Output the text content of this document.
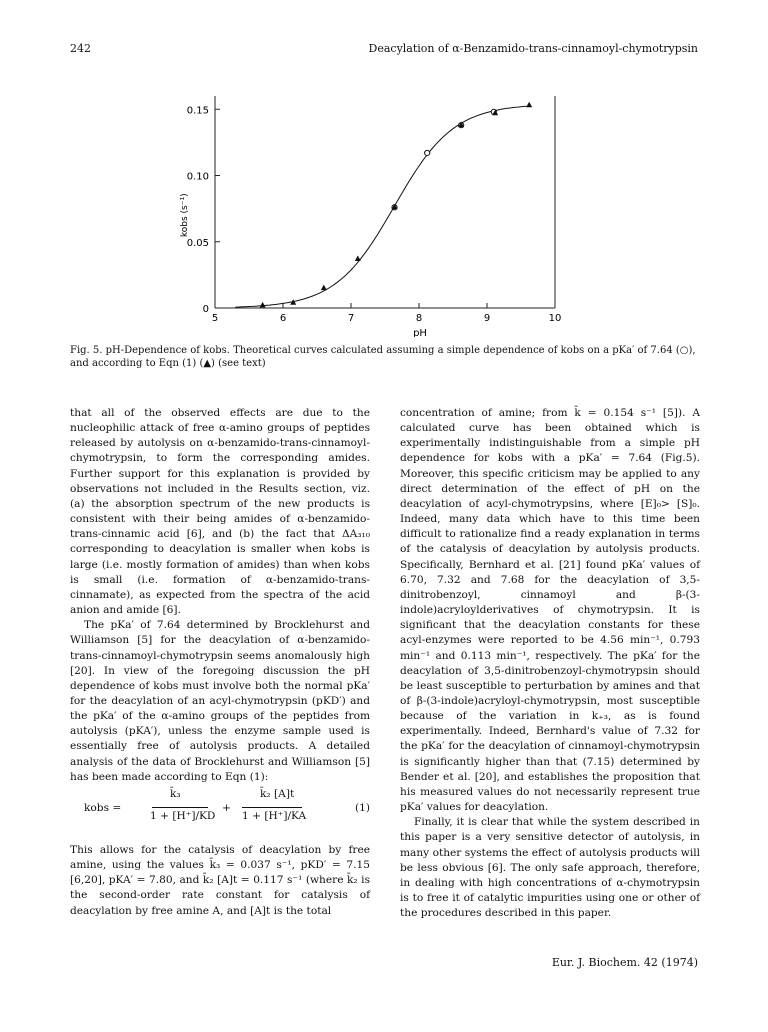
242	Deacylation of α-Benzamido-trans-cinnamoyl-chymotrypsin
0
0.05
0.10
0.15
5	6	7	8	9	10
pH
kobs (s⁻¹)
Fig. 5. pH-Dependence of kobs. Theoretical curves calculated assuming a simple dependence of kobs on a pKa′ of 7.64 (○), and according to Eqn (1) (▲) (see text)

that all of the observed effects are due to the nucleophilic attack of free α-amino groups of peptides released by autolysis on α-benzamido-trans-cinnamoyl-chymotrypsin, to form the corresponding amides. Further support for this explanation is provided by observations not included in the Results section, viz. (a) the absorption spectrum of the new products is consistent with their being amides of α-benzamido-trans-cinnamic acid [6], and (b) the fact that ΔA₃₁₀ corresponding to deacylation is smaller when kobs is large (i.e. mostly formation of amides) than when kobs is small (i.e. formation of α-benzamido-trans-cinnamate), as expected from the spectra of the acid anion and amide [6].

The pKa′ of 7.64 determined by Brocklehurst and Williamson [5] for the deacylation of α-benzamido-trans-cinnamoyl-chymotrypsin seems anomalously high [20]. In view of the foregoing discussion the pH dependence of kobs must involve both the normal pKa′ for the deacylation of an acyl-chymotrypsin (pKD′) and the pKa′ of the α-amino groups of the peptides from autolysis (pKA′), unless the enzyme sample used is essentially free of autolysis products. A detailed analysis of the data of Brocklehurst and Williamson [5] has been made according to Eqn (1):

kobs =
k̄₃
1 + [H⁺]/KD
+
k̄₂ [A]t
1 + [H⁺]/KA
(1)

This allows for the catalysis of deacylation by free amine, using the values k̄₃ = 0.037 s⁻¹, pKD′ = 7.15 [6,20], pKA′ = 7.80, and k̄₂ [A]t = 0.117 s⁻¹ (where k̄₂ is the second-order rate constant for catalysis of deacylation by free amine A, and [A]t is the total

concentration of amine; from k̄ = 0.154 s⁻¹ [5]). A calculated curve has been obtained which is experimentally indistinguishable from a simple pH dependence for kobs with a pKa′ = 7.64 (Fig.5). Moreover, this specific criticism may be applied to any direct determination of the effect of pH on the deacylation of acyl-chymotrypsins, where [E]₀> [S]₀. Indeed, many data which have to this time been difficult to rationalize find a ready explanation in terms of the catalysis of deacylation by autolysis products. Specifically, Bernhard et al. [21] found pKa′ values of 6.70, 7.32 and 7.68 for the deacylation of 3,5-dinitrobenzoyl, cinnamoyl and β-(3-indole)acryloylderivatives of chymotrypsin. It is significant that the deacylation constants for these acyl-enzymes were reported to be 4.56 min⁻¹, 0.793 min⁻¹ and 0.113 min⁻¹, respectively. The pKa′ for the deacylation of 3,5-dinitrobenzoyl-chymotrypsin should be least susceptible to perturbation by amines and that of β-(3-indole)acryloyl-chymotrypsin, most susceptible because of the variation in k₊₃, as is found experimentally. Indeed, Bernhard's value of 7.32 for the pKa′ for the deacylation of cinnamoyl-chymotrypsin is significantly higher than that (7.15) determined by Bender et al. [20], and establishes the proposition that his measured values do not necessarily represent true pKa′ values for deacylation.

Finally, it is clear that while the system described in this paper is a very sensitive detector of autolysis, in many other systems the effect of autolysis products will be less obvious [6]. The only safe approach, therefore, in dealing with high concentrations of α-chymotrypsin is to free it of catalytic impurities using one or other of the procedures described in this paper.

Eur. J. Biochem. 42 (1974)
